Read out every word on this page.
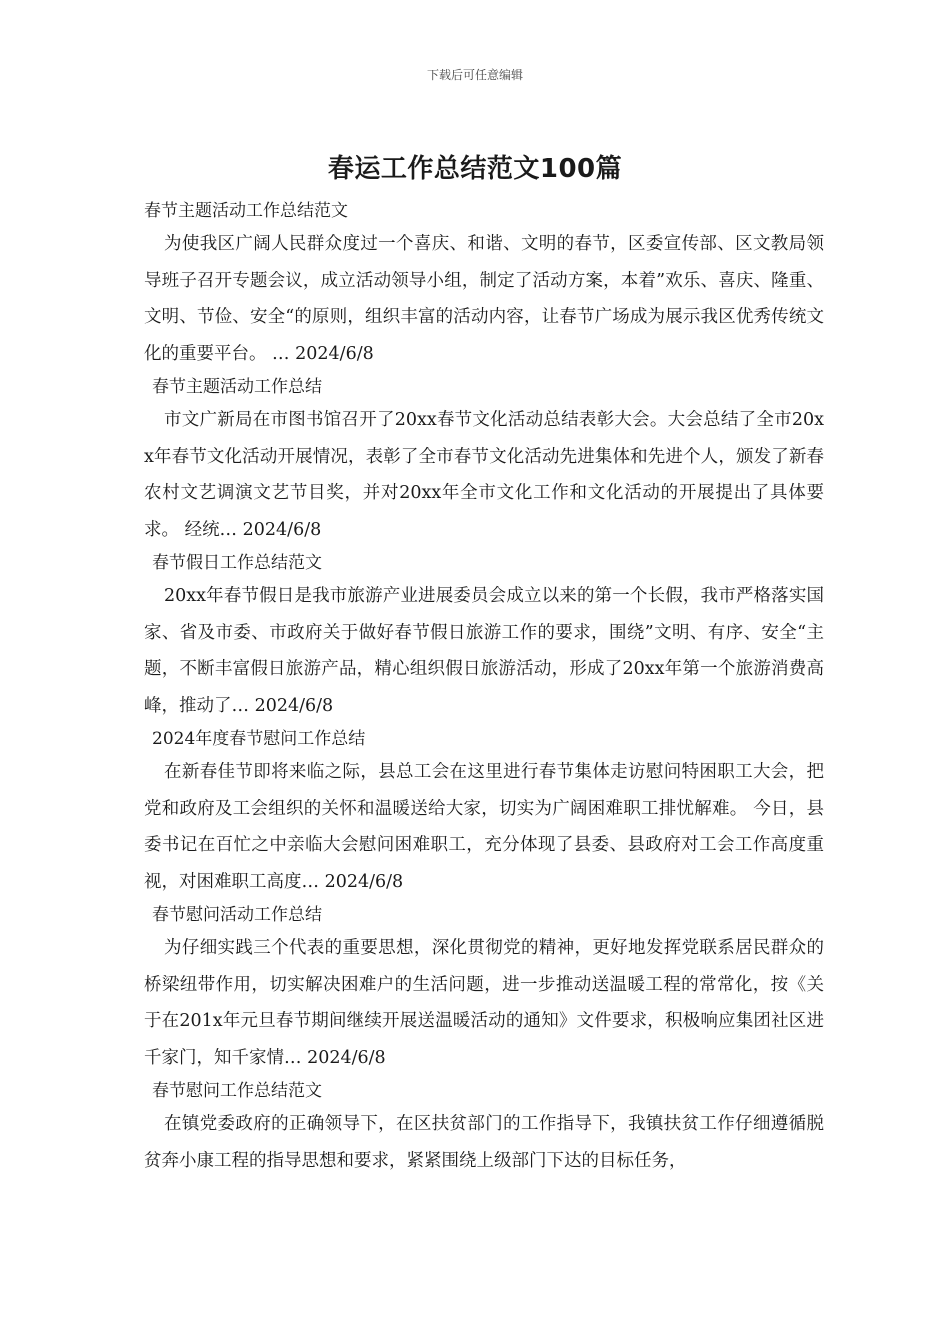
下载后可任意编辑
春运工作总结范文100篇
春节主题活动工作总结范文

为使我区广阔人民群众度过一个喜庆、和谐、文明的春节，区委宣传部、区文教局领导班子召开专题会议，成立活动领导小组，制定了活动方案，本着”欢乐、喜庆、隆重、文明、节俭、安全“的原则，组织丰富的活动内容，让春节广场成为展示我区优秀传统文化的重要平台。 … 2024/6/8

春节主题活动工作总结

市文广新局在市图书馆召开了20xx春节文化活动总结表彰大会。大会总结了全市20xx年春节文化活动开展情况，表彰了全市春节文化活动先进集体和先进个人，颁发了新春农村文艺调演文艺节目奖，并对20xx年全市文化工作和文化活动的开展提出了具体要求。 经统… 2024/6/8

春节假日工作总结范文

20xx年春节假日是我市旅游产业进展委员会成立以来的第一个长假，我市严格落实国家、省及市委、市政府关于做好春节假日旅游工作的要求，围绕”文明、有序、安全“主题，不断丰富假日旅游产品，精心组织假日旅游活动，形成了20xx年第一个旅游消费高峰，推动了… 2024/6/8

2024年度春节慰问工作总结

在新春佳节即将来临之际，县总工会在这里进行春节集体走访慰问特困职工大会，把党和政府及工会组织的关怀和温暖送给大家，切实为广阔困难职工排忧解难。 今日，县委书记在百忙之中亲临大会慰问困难职工，充分体现了县委、县政府对工会工作高度重视，对困难职工高度… 2024/6/8

春节慰问活动工作总结

为仔细实践三个代表的重要思想，深化贯彻党的精神，更好地发挥党联系居民群众的桥梁纽带作用，切实解决困难户的生活问题，进一步推动送温暖工程的常常化，按《关于在201x年元旦春节期间继续开展送温暖活动的通知》文件要求，积极响应集团社区进千家门，知千家情… 2024/6/8

春节慰问工作总结范文

在镇党委政府的正确领导下，在区扶贫部门的工作指导下，我镇扶贫工作仔细遵循脱贫奔小康工程的指导思想和要求，紧紧围绕上级部门下达的目标任务，
